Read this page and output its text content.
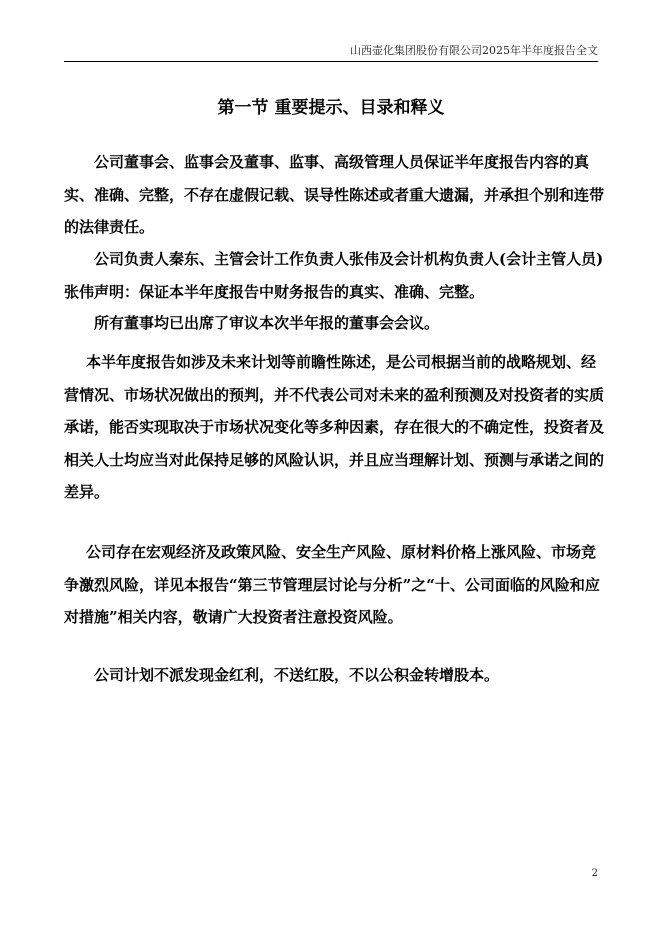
山西壶化集团股份有限公司2025年半年度报告全文
第一节 重要提示、目录和释义

公司董事会、监事会及董事、监事、高级管理人员保证半年度报告内容的真实、准确、完整，不存在虚假记载、误导性陈述或者重大遗漏，并承担个别和连带的法律责任。

公司负责人秦东、主管会计工作负责人张伟及会计机构负责人(会计主管人员)张伟声明：保证本半年度报告中财务报告的真实、准确、完整。

所有董事均已出席了审议本次半年报的董事会会议。

本半年度报告如涉及未来计划等前瞻性陈述，是公司根据当前的战略规划、经营情况、市场状况做出的预判，并不代表公司对未来的盈利预测及对投资者的实质承诺，能否实现取决于市场状况变化等多种因素，存在很大的不确定性，投资者及相关人士均应当对此保持足够的风险认识，并且应当理解计划、预测与承诺之间的差异。

公司存在宏观经济及政策风险、安全生产风险、原材料价格上涨风险、市场竞争激烈风险，详见本报告“第三节管理层讨论与分析”之“十、公司面临的风险和应对措施”相关内容，敬请广大投资者注意投资风险。

公司计划不派发现金红利，不送红股，不以公积金转增股本。

2
